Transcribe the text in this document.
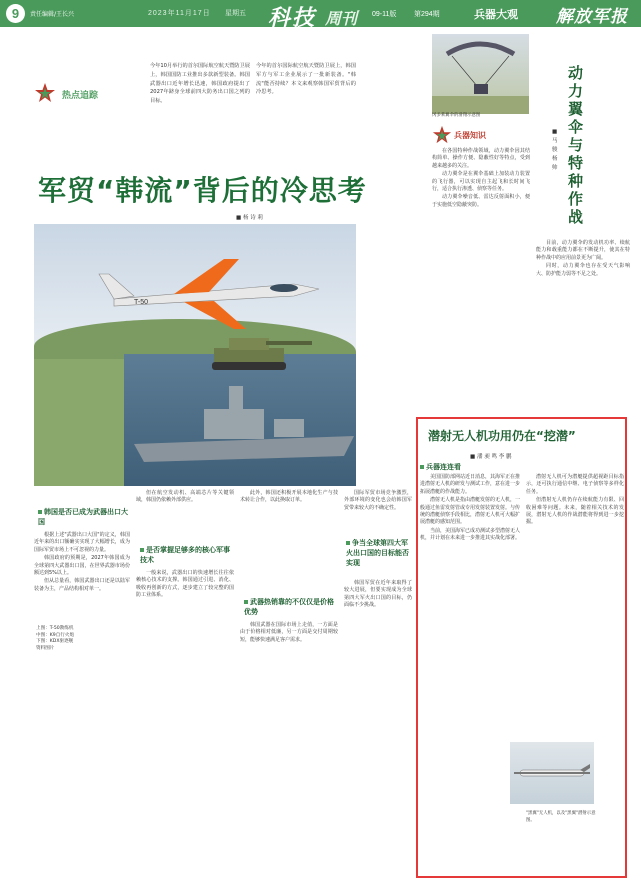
9	责任编辑/王长兴	2023年11月17日 星期五 科技 周刊 09-11版	第294期	兵器大观 解放军报
热点追踪
今年10月举行的首尔国际航空航天暨防卫展上，韩国国防工业推出多款新型装备。韩国武器出口近年增长迅速，韩国政府提出了2027年跻身全球前四大防务出口国之列的目标。
今年的首尔国际航空航天暨防卫展上，韩国军方与军工企业展示了一批新装备。"韩流"能否持续？本文来观察韩国军贸背后的冷思考。
军贸“韩流”背后的冷思考
■ 杨 诗 莉
T-50
上图：T-50教练机
中图：K9自行火炮
下图：KDX驱逐舰
资料图片
韩国是否已成为武器出口大国

根据上述"武器出口大国"的定义，韩国近年来的出口额确实实现了大幅增长，成为国际军贸市场上不可忽视的力量。

韩国政府的预期是，2027年韩国成为全球第四大武器出口国，在世界武器市场份额达到5%以上。

但从总量看，韩国武器出口还是以陆军装备为主，产品结构相对单一。

但在航空发动机、高端芯片等关键领域，韩国仍依赖外部供应。

是否掌握足够多的核心军事技术

一般来说，武器出口的快速增长往往依赖核心技术的支撑。韩国通过引进、消化、吸收再创新的方式，逐步建立了较完整的国防工业体系。

此外，韩国还积极开展本地化生产与技术转让合作，以此换取订单。

武器热销靠的不仅仅是价格优势

韩国武器在国际市场上走俏，一方面是由于价格相对低廉，另一方面是交付周期较短，能够快速满足客户需求。

国际军贸市场竞争激烈，外部环境的变化也会给韩国军贸带来较大的不确定性。

争当全球第四大军火出口国的目标能否实现

韩国军贸在近年来取得了较大进展，但要实现成为全球第四大军火出口国的目标，仍面临不少挑战。

冈多莱翼伞的滑翔示意图
动力翼伞与特种作战
■ 马 骏 杨 帅
兵器知识

在各国特种作战领域，动力翼伞因其结构简单、操作方便、隐蔽性好等特点，受到越来越多的关注。

动力翼伞是在翼伞基础上加装动力装置的飞行器，可以实现自主起飞和长时间飞行，适合执行渗透、侦察等任务。

动力翼伞噪音低、雷达反射面积小，便于实施低空隐蔽突防。

目前，动力翼伞的发动机功率、续航能力和载重能力都在不断提升，使其在特种作战中的应用前景更为广阔。

同时，动力翼伞也存在受天气影响大、防护能力弱等不足之处。

潜射无人机功用仍在“挖潜”
■ 潘 昶 鸣 李 鹏
兵器连连看

美国国防部网站近日消息，其海军正在推进潜射无人机的研发与测试工作，意在进一步拓展潜艇的作战能力。

潜射无人机是指由潜艇发射的无人机，一般通过鱼雷发射管或专用发射装置发射。与传统的潜艇侦察手段相比，潜射无人机可大幅扩展潜艇的感知范围。

当前，美国海军已成功测试多型潜射无人机，并计划在未来进一步推进其实战化部署。

潜射无人机可为潜艇提供超视距目标指示，还可执行通信中继、电子侦察等多样化任务。

但潜射无人机仍存在续航能力有限、回收困难等问题。未来，随着相关技术的发展，潜射无人机的作战潜能将得到进一步挖掘。

"黑翼"无人机，以及"黑翼"潜射示意图。
